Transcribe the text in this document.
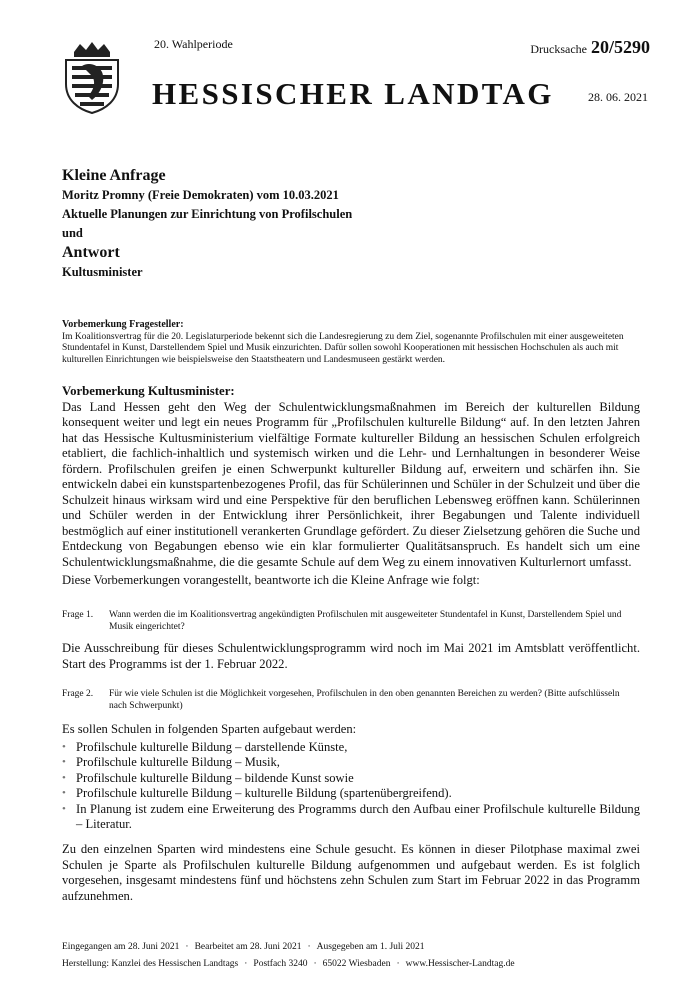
20. Wahlperiode
HESSISCHER LANDTAG
Drucksache 20/5290
28. 06. 2021
Kleine Anfrage
Moritz Promny (Freie Demokraten) vom 10.03.2021
Aktuelle Planungen zur Einrichtung von Profilschulen
und
Antwort
Kultusminister
Vorbemerkung Fragesteller:
Im Koalitionsvertrag für die 20. Legislaturperiode bekennt sich die Landesregierung zu dem Ziel, sogenannte Profilschulen mit einer ausgeweiteten Stundentafel in Kunst, Darstellendem Spiel und Musik einzurichten. Dafür sollen sowohl Kooperationen mit hessischen Hochschulen als auch mit kulturellen Einrichtungen wie beispielsweise den Staatstheatern und Landesmuseen gestärkt werden.
Vorbemerkung Kultusminister:
Das Land Hessen geht den Weg der Schulentwicklungsmaßnahmen im Bereich der kulturellen Bildung konsequent weiter und legt ein neues Programm für „Profilschulen kulturelle Bildung“ auf. In den letzten Jahren hat das Hessische Kultusministerium vielfältige Formate kultureller Bildung an hessischen Schulen erfolgreich etabliert, die fachlich-inhaltlich und systemisch wirken und die Lehr- und Lernhaltungen in besonderer Weise fördern. Profilschulen greifen je einen Schwerpunkt kultureller Bildung auf, erweitern und schärfen ihn. Sie entwickeln dabei ein kunstspartenbezogenes Profil, das für Schülerinnen und Schüler in der Schulzeit und über die Schulzeit hinaus wirksam wird und eine Perspektive für den beruflichen Lebensweg eröffnen kann. Schülerinnen und Schüler werden in der Entwicklung ihrer Persönlichkeit, ihrer Begabungen und Talente individuell bestmöglich auf einer institutionell verankerten Grundlage gefördert. Zu dieser Zielsetzung gehören die Suche und Entdeckung von Begabungen ebenso wie ein klar formulierter Qualitätsanspruch. Es handelt sich um eine Schulentwicklungsmaßnahme, die die gesamte Schule auf dem Weg zu einem innovativen Kulturlernort umfasst.
Diese Vorbemerkungen vorangestellt, beantworte ich die Kleine Anfrage wie folgt:
Frage 1. Wann werden die im Koalitionsvertrag angekündigten Profilschulen mit ausgeweiteter Stundentafel in Kunst, Darstellendem Spiel und Musik eingerichtet?
Die Ausschreibung für dieses Schulentwicklungsprogramm wird noch im Mai 2021 im Amtsblatt veröffentlicht. Start des Programms ist der 1. Februar 2022.
Frage 2. Für wie viele Schulen ist die Möglichkeit vorgesehen, Profilschulen in den oben genannten Bereichen zu werden? (Bitte aufschlüsseln nach Schwerpunkt)
Es sollen Schulen in folgenden Sparten aufgebaut werden:
• Profilschule kulturelle Bildung – darstellende Künste,
• Profilschule kulturelle Bildung – Musik,
• Profilschule kulturelle Bildung – bildende Kunst sowie
• Profilschule kulturelle Bildung – kulturelle Bildung (spartenübergreifend).
• In Planung ist zudem eine Erweiterung des Programms durch den Aufbau einer Profilschule kulturelle Bildung – Literatur.
Zu den einzelnen Sparten wird mindestens eine Schule gesucht. Es können in dieser Pilotphase maximal zwei Schulen je Sparte als Profilschulen kulturelle Bildung aufgenommen und aufgebaut werden. Es ist folglich vorgesehen, insgesamt mindestens fünf und höchstens zehn Schulen zum Start im Februar 2022 in das Programm aufzunehmen.
Eingegangen am 28. Juni 2021 · Bearbeitet am 28. Juni 2021 · Ausgegeben am 1. Juli 2021
Herstellung: Kanzlei des Hessischen Landtags · Postfach 3240 · 65022 Wiesbaden · www.Hessischer-Landtag.de
